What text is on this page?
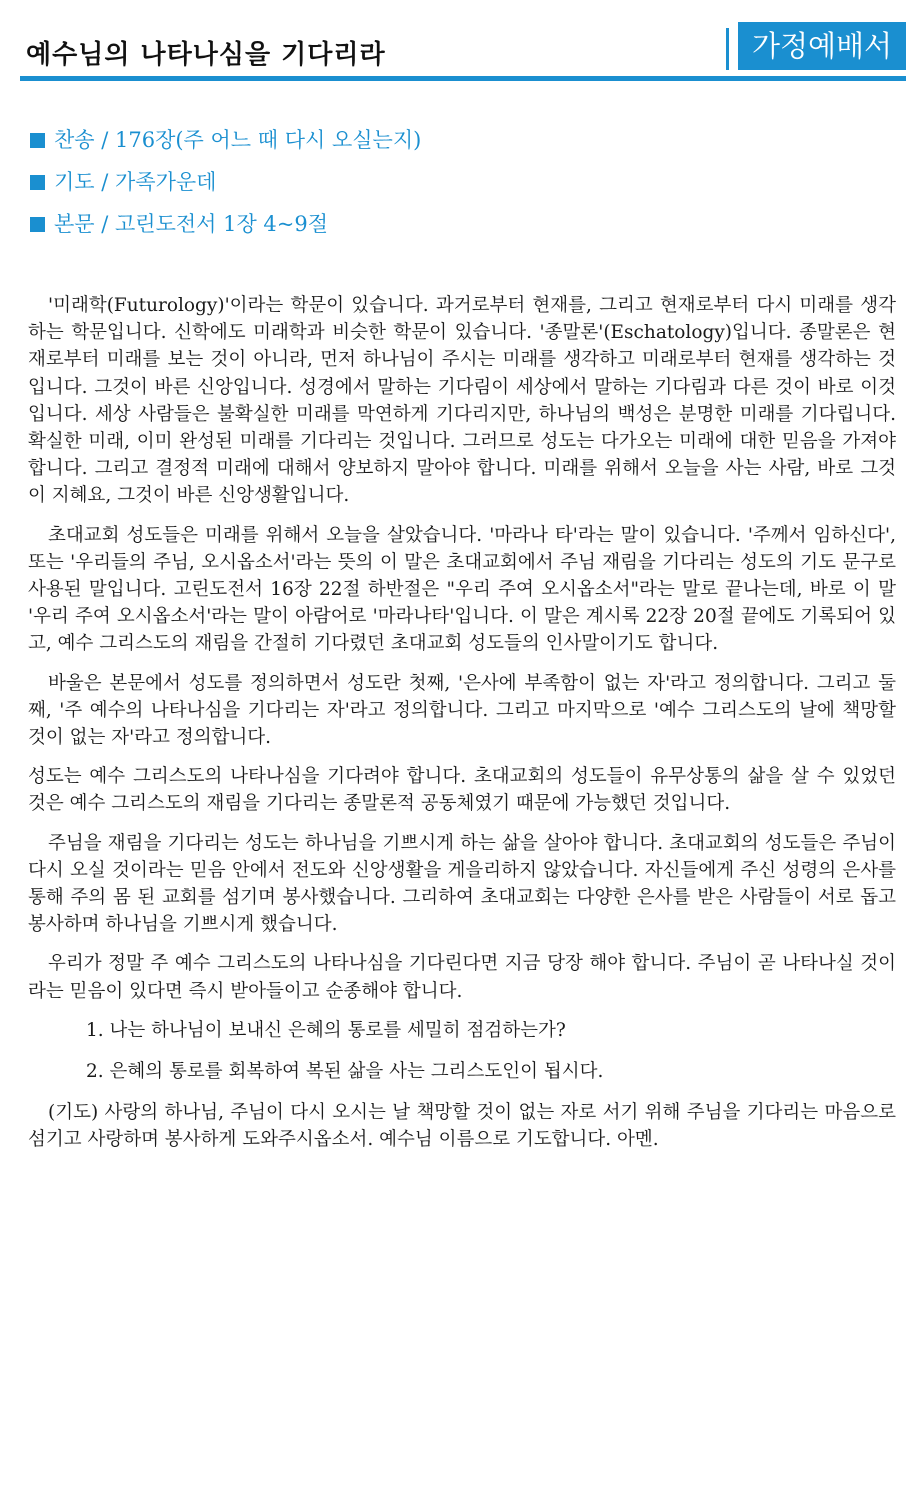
예수님의 나타나심을 기다리라	가정예배서
찬송 / 176장(주 어느 때 다시 오실는지)
기도 / 가족가운데
본문 / 고린도전서 1장 4~9절

'미래학(Futurology)'이라는 학문이 있습니다. 과거로부터 현재를, 그리고 현재로부터 다시 미래를 생각하는 학문입니다. 신학에도 미래학과 비슷한 학문이 있습니다. '종말론'(Eschatology)입니다. 종말론은 현재로부터 미래를 보는 것이 아니라, 먼저 하나님이 주시는 미래를 생각하고 미래로부터 현재를 생각하는 것입니다. 그것이 바른 신앙입니다. 성경에서 말하는 기다림이 세상에서 말하는 기다림과 다른 것이 바로 이것입니다. 세상 사람들은 불확실한 미래를 막연하게 기다리지만, 하나님의 백성은 분명한 미래를 기다립니다. 확실한 미래, 이미 완성된 미래를 기다리는 것입니다. 그러므로 성도는 다가오는 미래에 대한 믿음을 가져야 합니다. 그리고 결정적 미래에 대해서 양보하지 말아야 합니다. 미래를 위해서 오늘을 사는 사람, 바로 그것이 지혜요, 그것이 바른 신앙생활입니다.

초대교회 성도들은 미래를 위해서 오늘을 살았습니다. '마라나 타'라는 말이 있습니다. '주께서 임하신다', 또는 '우리들의 주님, 오시옵소서'라는 뜻의 이 말은 초대교회에서 주님 재림을 기다리는 성도의 기도 문구로 사용된 말입니다. 고린도전서 16장 22절 하반절은 "우리 주여 오시옵소서"라는 말로 끝나는데, 바로 이 말 '우리 주여 오시옵소서'라는 말이 아람어로 '마라나타'입니다. 이 말은 계시록 22장 20절 끝에도 기록되어 있고, 예수 그리스도의 재림을 간절히 기다렸던 초대교회 성도들의 인사말이기도 합니다.

바울은 본문에서 성도를 정의하면서 성도란 첫째, '은사에 부족함이 없는 자'라고 정의합니다. 그리고 둘째, '주 예수의 나타나심을 기다리는 자'라고 정의합니다. 그리고 마지막으로 '예수 그리스도의 날에 책망할 것이 없는 자'라고 정의합니다.

성도는 예수 그리스도의 나타나심을 기다려야 합니다. 초대교회의 성도들이 유무상통의 삶을 살 수 있었던 것은 예수 그리스도의 재림을 기다리는 종말론적 공동체였기 때문에 가능했던 것입니다.

주님을 재림을 기다리는 성도는 하나님을 기쁘시게 하는 삶을 살아야 합니다. 초대교회의 성도들은 주님이 다시 오실 것이라는 믿음 안에서 전도와 신앙생활을 게을리하지 않았습니다. 자신들에게 주신 성령의 은사를 통해 주의 몸 된 교회를 섬기며 봉사했습니다. 그리하여 초대교회는 다양한 은사를 받은 사람들이 서로 돕고 봉사하며 하나님을 기쁘시게 했습니다.

우리가 정말 주 예수 그리스도의 나타나심을 기다린다면 지금 당장 해야 합니다. 주님이 곧 나타나실 것이라는 믿음이 있다면 즉시 받아들이고 순종해야 합니다.

1. 나는 하나님이 보내신 은혜의 통로를 세밀히 점검하는가?

2. 은혜의 통로를 회복하여 복된 삶을 사는 그리스도인이 됩시다.

(기도) 사랑의 하나님, 주님이 다시 오시는 날 책망할 것이 없는 자로 서기 위해 주님을 기다리는 마음으로 섬기고 사랑하며 봉사하게 도와주시옵소서. 예수님 이름으로 기도합니다. 아멘.
